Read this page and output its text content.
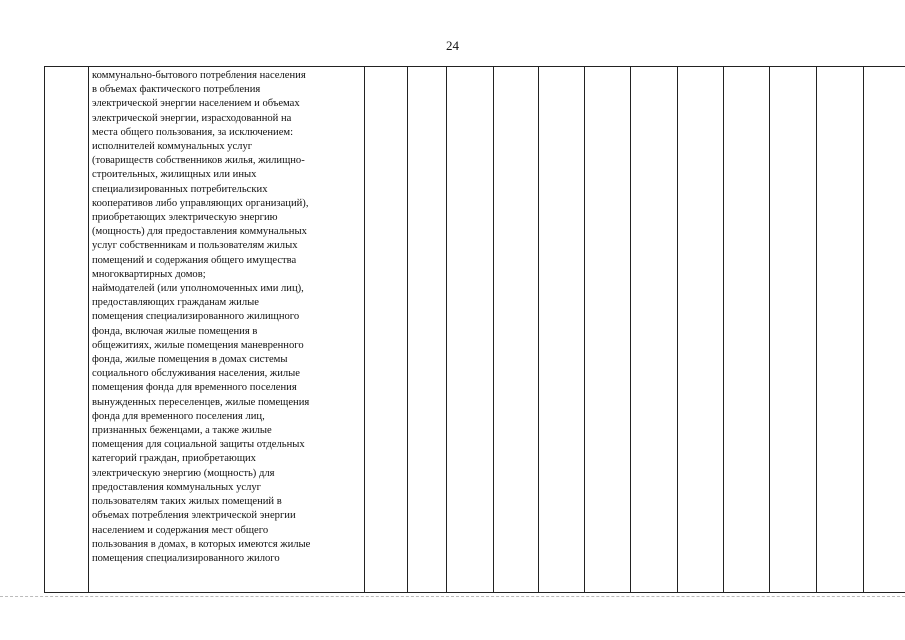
24
	коммунально-бытового потребления населения
в объемах фактического потребления
электрической энергии населением и объемах
электрической энергии, израсходованной на
места общего пользования, за исключением:
исполнителей коммунальных услуг
(товариществ собственников жилья, жилищно-
строительных, жилищных или иных
специализированных потребительских
кооперативов либо управляющих организаций),
приобретающих электрическую энергию
(мощность) для предоставления коммунальных
услуг собственникам и пользователям жилых
помещений и содержания общего имущества
многоквартирных домов;
наймодателей (или уполномоченных ими лиц),
предоставляющих гражданам жилые
помещения специализированного жилищного
фонда, включая жилые помещения в
общежитиях, жилые помещения маневренного
фонда, жилые помещения в домах системы
социального обслуживания населения, жилые
помещения фонда для временного поселения
вынужденных переселенцев, жилые помещения
фонда для временного поселения лиц,
признанных беженцами, а также жилые
помещения для социальной защиты отдельных
категорий граждан, приобретающих
электрическую энергию (мощность) для
предоставления коммунальных услуг
пользователям таких жилых помещений в
объемах потребления электрической энергии
населением и содержания мест общего
пользования в домах, в которых имеются жилые
помещения специализированного жилого												
